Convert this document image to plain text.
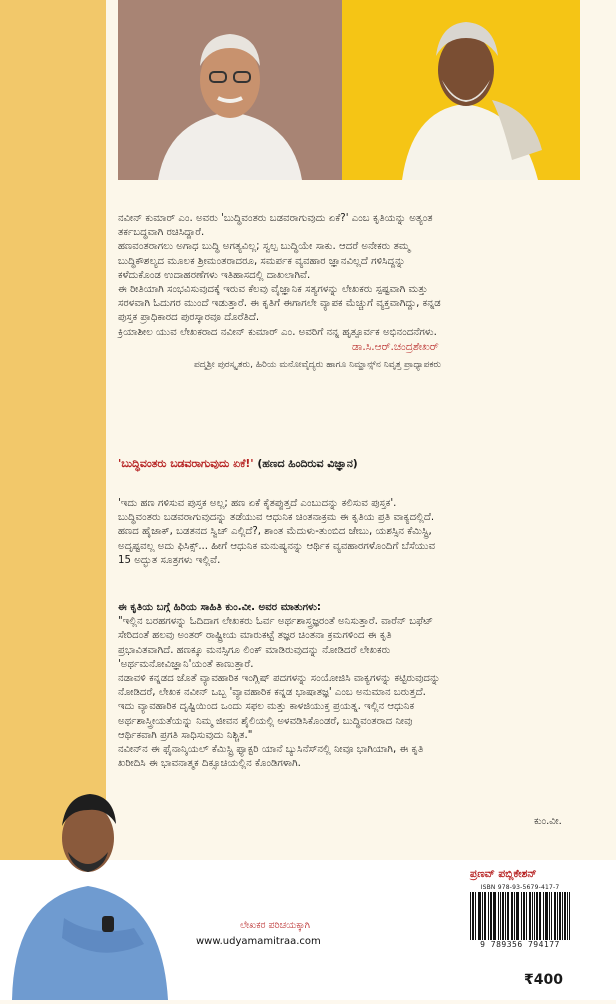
ನವೀನ್ ಕುಮಾರ್ ಎಂ. ಅವರು 'ಬುದ್ಧಿವಂತರು ಬಡವರಾಗುವುದು ಏಕೆ?' ಎಂಬ ಕೃತಿಯನ್ನು ಅತ್ಯಂತ

ತರ್ಕಬದ್ಧವಾಗಿ ರಚಿಸಿದ್ದಾರೆ.

ಹಣವಂತರಾಗಲು ಅಗಾಧ ಬುದ್ಧಿ ಅಗತ್ಯವಿಲ್ಲ; ಸ್ವಲ್ಪ ಬುದ್ಧಿಯೇ ಸಾಕು. ಆದರೆ ಅನೇಕರು ತಮ್ಮ

ಬುದ್ಧಿಕೌಶಲ್ಯದ ಮೂಲಕ ಶ್ರೀಮಂತರಾದರೂ, ಸಮರ್ಪಕ ವ್ಯವಹಾರ ಜ್ಞಾನವಿಲ್ಲದೆ ಗಳಿಸಿದ್ದನ್ನು

ಕಳೆದುಕೊಂಡ ಉದಾಹರಣೆಗಳು ಇತಿಹಾಸದಲ್ಲಿ ದಾಖಲಾಗಿವೆ.

ಈ ರೀತಿಯಾಗಿ ಸಂಭವಿಸುವುದಕ್ಕೆ ಇರುವ ಕೆಲವು ವೈಜ್ಞಾನಿಕ ಸತ್ಯಗಳನ್ನು ಲೇಖಕರು ಸ್ಪಷ್ಟವಾಗಿ ಮತ್ತು

ಸರಳವಾಗಿ ಓದುಗರ ಮುಂದೆ ಇಡುತ್ತಾರೆ. ಈ ಕೃತಿಗೆ ಈಗಾಗಲೇ ವ್ಯಾಪಕ ಮೆಚ್ಚುಗೆ ವ್ಯಕ್ತವಾಗಿದ್ದು, ಕನ್ನಡ

ಪುಸ್ತಕ ಪ್ರಾಧಿಕಾರದ ಪುರಸ್ಕಾರವೂ ದೊರೆತಿದೆ.

ಕ್ರಿಯಾಶೀಲ ಯುವ ಲೇಖಕರಾದ ನವೀನ್ ಕುಮಾರ್ ಎಂ. ಅವರಿಗೆ ನನ್ನ ಹೃತ್ಪೂರ್ವಕ ಅಭಿನಂದನೆಗಳು.

ಡಾ.ಸಿ.ಆರ್.ಚಂದ್ರಶೇಖರ್
ಪದ್ಮಶ್ರೀ ಪುರಸ್ಕೃತರು, ಹಿರಿಯ ಮನೋವೈದ್ಯರು ಹಾಗೂ ನಿಮ್ಹಾನ್ಸ್‌ನ ನಿವೃತ್ತ ಪ್ರಾಧ್ಯಾಪಕರು
'ಬುದ್ಧಿವಂತರು ಬಡವರಾಗುವುದು ಏಕೆ!' (ಹಣದ ಹಿಂದಿರುವ ವಿಜ್ಞಾನ)

'ಇದು ಹಣ ಗಳಿಸುವ ಪುಸ್ತಕ ಅಲ್ಲ; ಹಣ ಏಕೆ ಕೈತಪ್ಪುತ್ತದೆ ಎಂಬುದನ್ನು ಕಲಿಸುವ ಪುಸ್ತಕ'.

ಬುದ್ಧಿವಂತರು ಬಡವರಾಗುವುದನ್ನು ತಡೆಯುವ ಆಧುನಿಕ ಚಿಂತನಾಕ್ರಮ ಈ ಕೃತಿಯ ಪ್ರತಿ ವಾಕ್ಯದಲ್ಲಿದೆ.

ಹಣದ ಹೈಜಾಕ್, ಬಡತನದ ಸ್ವಿಚ್ ಎಲ್ಲಿದೆ?, ಶಾಂತ ಮೆದುಳು-ತುಂಬಿದ ಜೇಬು, ಯಶಸ್ಸಿನ ಕೆಮಿಸ್ಟ್ರಿ,

ಅದೃಷ್ಟವಲ್ಲ ಅದು ಫಿಸಿಕ್ಸ್... ಹೀಗೆ ಆಧುನಿಕ ಮನುಷ್ಯನನ್ನು ಆರ್ಥಿಕ ವ್ಯವಹಾರಗಳೊಂದಿಗೆ ಬೆಸೆಯುವ

15 ಅದ್ಭುತ ಸೂತ್ರಗಳು ಇಲ್ಲಿವೆ.

ಈ ಕೃತಿಯ ಬಗ್ಗೆ ಹಿರಿಯ ಸಾಹಿತಿ ಕುಂ.ವೀ. ಅವರ ಮಾತುಗಳು:

"ಇಲ್ಲಿನ ಬರಹಗಳನ್ನು ಓದಿದಾಗ ಲೇಖಕರು ಓರ್ವ ಅರ್ಥಶಾಸ್ತ್ರಜ್ಞರಂತೆ ಅನಿಸುತ್ತಾರೆ. ವಾರೆನ್ ಬಫೆಟ್

ಸೇರಿದಂತೆ ಹಲವು ಅಂತರ್ ರಾಷ್ಟ್ರೀಯ ಮಾರುಕಟ್ಟೆ ತಜ್ಞರ ಚಿಂತನಾ ಕ್ರಮಗಳಿಂದ ಈ ಕೃತಿ

ಪ್ರಭಾವಿತವಾಗಿದೆ. ಹಣಕ್ಕೂ ಮನಸ್ಸಿಗೂ ಲಿಂಕ್ ಮಾಡಿರುವುದನ್ನು ನೋಡಿದರೆ ಲೇಖಕರು

'ಅರ್ಥಮನೋವಿಜ್ಞಾನಿ'ಯಂತೆ ಕಾಣುತ್ತಾರೆ.

ನಡಾವಳಿ ಕನ್ನಡದ ಜೊತೆ ವ್ಯಾವಹಾರಿಕ ಇಂಗ್ಲಿಷ್ ಪದಗಳನ್ನು ಸಂಯೋಜಿಸಿ ವಾಕ್ಯಗಳನ್ನು ಕಟ್ಟಿರುವುದನ್ನು

ನೋಡಿದರೆ, ಲೇಖಕ ನವೀನ್ ಒಬ್ಬ 'ವ್ಯಾವಹಾರಿಕ ಕನ್ನಡ ಭಾಷಾತಜ್ಞ' ಎಂಬ ಅನುಮಾನ ಬರುತ್ತದೆ.

ಇದು ವ್ಯಾವಹಾರಿಕ ದೃಷ್ಟಿಯಿಂದ ಒಂದು ಸಫಲ ಮತ್ತು ಕಾಳಜಿಯುಕ್ತ ಪ್ರಯತ್ನ. ಇಲ್ಲಿನ ಆಧುನಿಕ

ಅರ್ಥಶಾಸ್ತ್ರೀಯತೆಯನ್ನು ನಿಮ್ಮ ಜೀವನ ಶೈಲಿಯಲ್ಲಿ ಅಳವಡಿಸಿಕೊಂಡರೆ, ಬುದ್ಧಿವಂತರಾದ ನೀವು

ಆರ್ಥಿಕವಾಗಿ ಪ್ರಗತಿ ಸಾಧಿಸುವುದು ನಿಶ್ಚಿತ."

ನವೀನ್‌ನ ಈ ಫೈನಾನ್ಶಿಯಲ್ ಕೆಮಿಸ್ಟ್ರಿ ಫ್ಯಾಕ್ಟರಿ ಯಾನೆ ಬ್ಯುಸಿನೆಸ್‌ನಲ್ಲಿ ನೀವೂ ಭಾಗಿಯಾಗಿ, ಈ ಕೃತಿ

ಖರೀದಿಸಿ ಈ ಭಾವನಾತ್ಮಕ ದಿಕ್ಸೂಚಿಯಲ್ಲಿನ ಕೊಂಡಿಗಳಾಗಿ.

ಕುಂ.ವೀ.
ಲೇಖಕರ ಪರಿಚಯಕ್ಕಾಗಿ
www.udyamamitraa.com
ಪ್ರಣವ್ ಪಬ್ಲಿಕೇಶನ್
ISBN 978-93-5679-417-7
9 789356 794177
₹400
